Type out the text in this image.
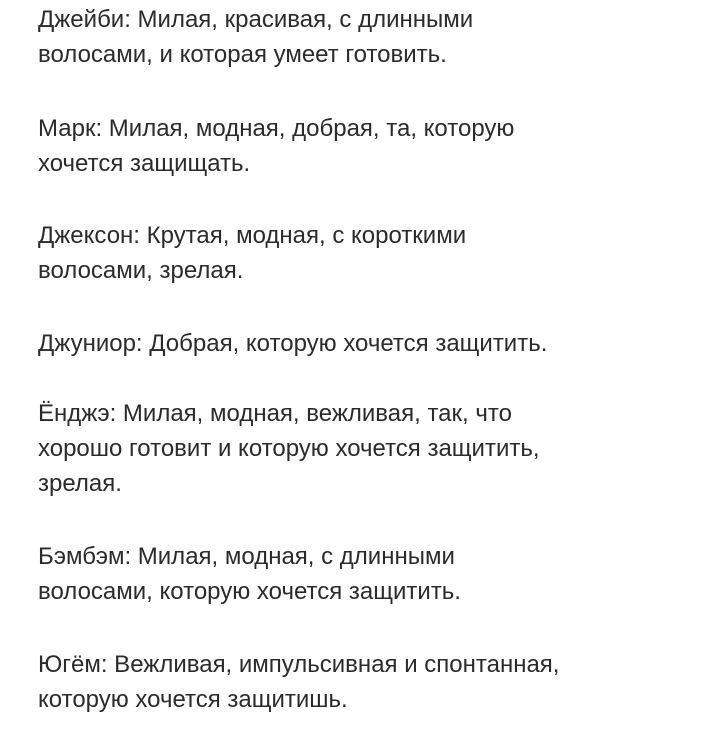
Джейби: Милая, красивая, с длинными
волосами, и которая умеет готовить.

Марк: Милая, модная, добрая, та, которую
хочется защищать.

Джексон: Крутая, модная, с короткими
волосами, зрелая.

Джуниор: Добрая, которую хочется защитить.

Ёнджэ: Милая, модная, вежливая, так, что
хорошо готовит и которую хочется защитить,
зрелая.

Бэмбэм: Милая, модная, с длинными
волосами, которую хочется защитить.

Югём: Вежливая, импульсивная и спонтанная,
которую хочется защитишь.
